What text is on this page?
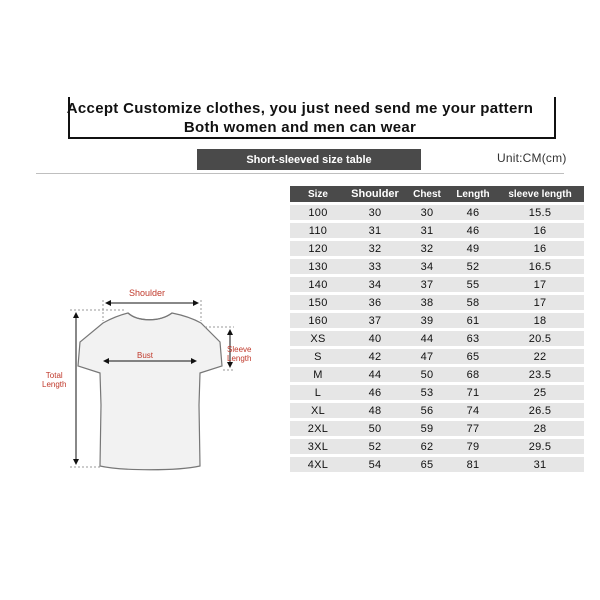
Accept Customize clothes, you just need send me your pattern
Both women and men can wear
Short-sleeved size table	Unit:CM(cm)
Shoulder
Bust
Sleeve
Length
Total
Length
Size	Shoulder	Chest	Length	sleeve length
100	30	30	46	15.5
110	31	31	46	16
120	32	32	49	16
130	33	34	52	16.5
140	34	37	55	17
150	36	38	58	17
160	37	39	61	18
XS	40	44	63	20.5
S	42	47	65	22
M	44	50	68	23.5
L	46	53	71	25
XL	48	56	74	26.5
2XL	50	59	77	28
3XL	52	62	79	29.5
4XL	54	65	81	31
